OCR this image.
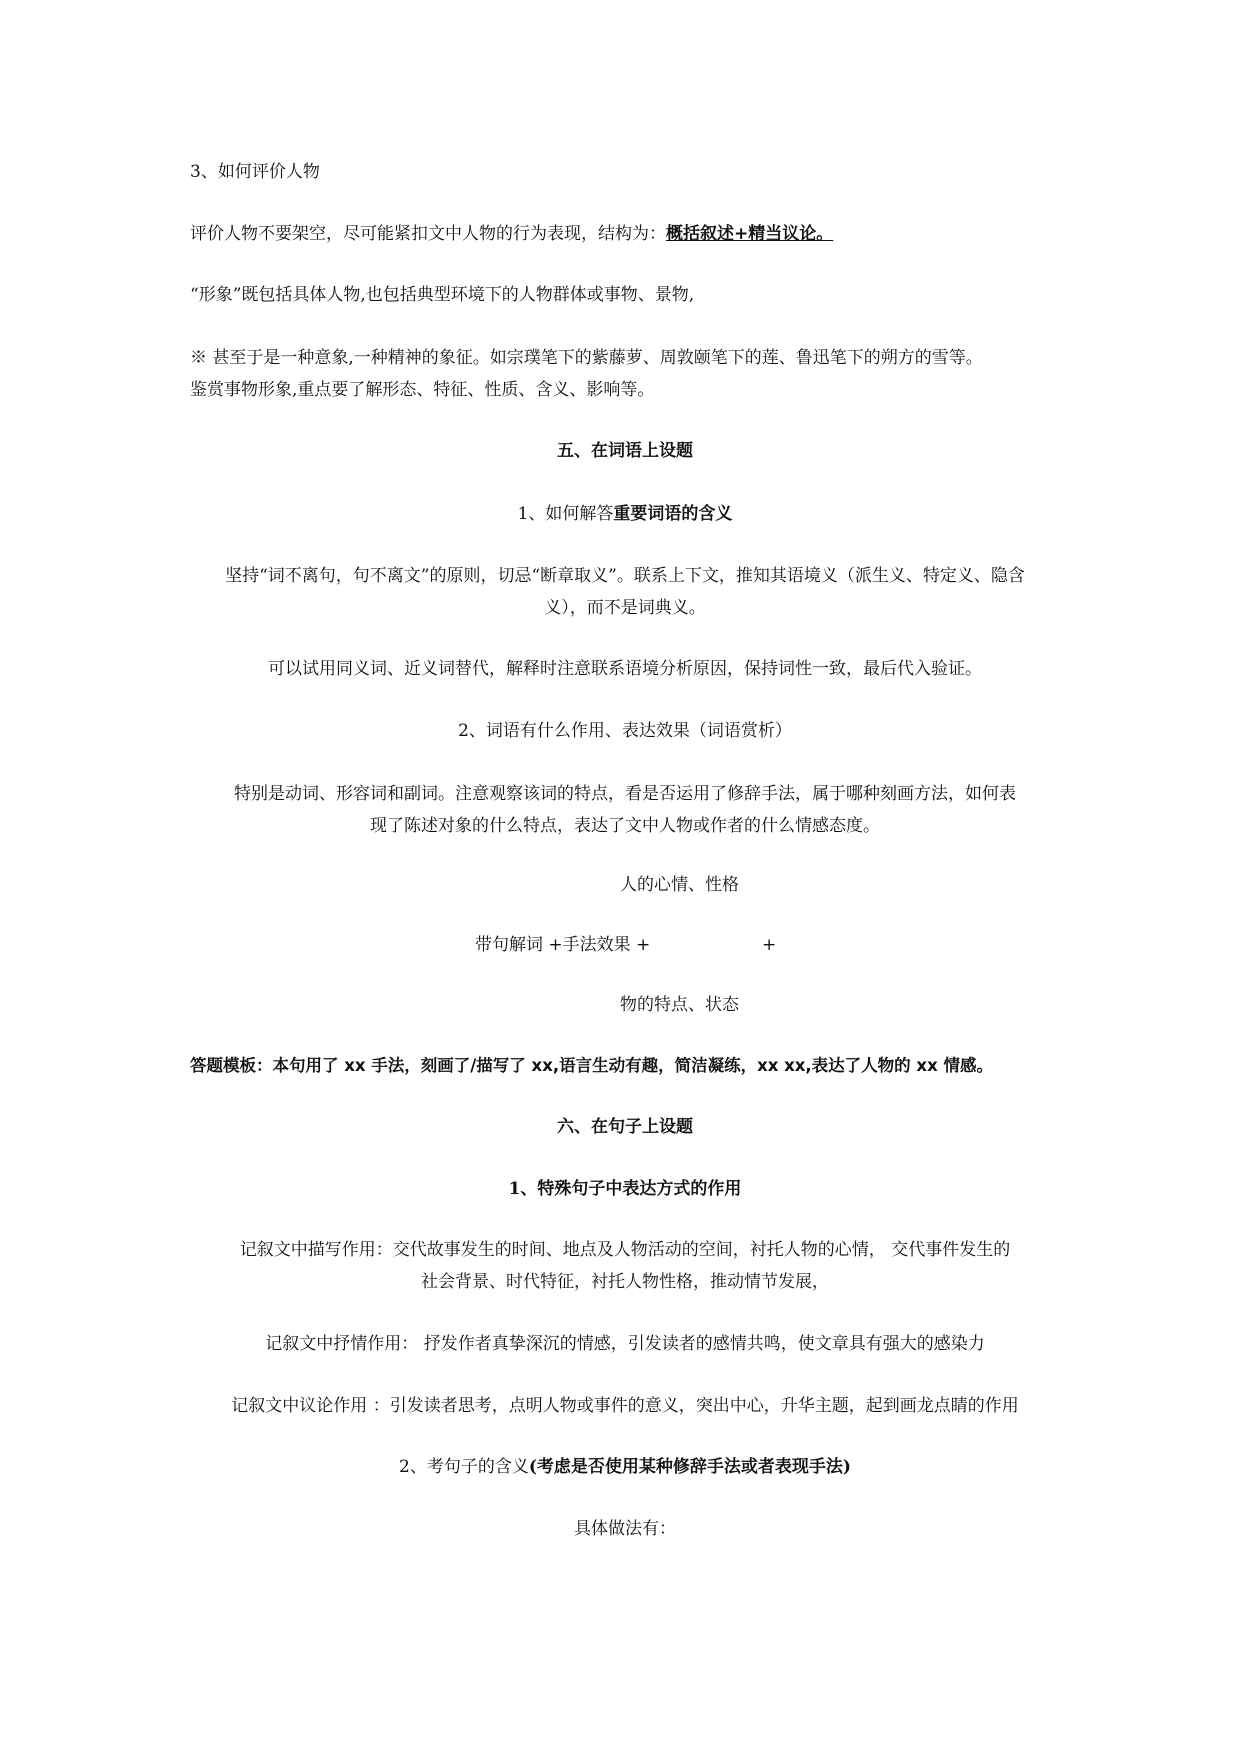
3、如何评价人物
评价人物不要架空，尽可能紧扣文中人物的行为表现，结构为：概括叙述+精当议论。
“形象”既包括具体人物,也包括典型环境下的人物群体或事物、景物,
※ 甚至于是一种意象,一种精神的象征。如宗璞笔下的紫藤萝、周敦颐笔下的莲、鲁迅笔下的朔方的雪等。
鉴赏事物形象,重点要了解形态、特征、性质、含义、影响等。
五、在词语上设题
1、如何解答重要词语的含义
坚持“词不离句，句不离文”的原则，切忌“断章取义”。联系上下文，推知其语境义（派生义、特定义、隐含
义），而不是词典义。
可以试用同义词、近义词替代，解释时注意联系语境分析原因，保持词性一致，最后代入验证。
2、词语有什么作用、表达效果（词语赏析）
特别是动词、形容词和副词。注意观察该词的特点，看是否运用了修辞手法，属于哪种刻画方法，如何表
现了陈述对象的什么特点，表达了文中人物或作者的什么情感态度。
人的心情、性格
带句解词 +手法效果 +	+
物的特点、状态
答题模板：本句用了 xx 手法，刻画了/描写了 xx,语言生动有趣，简洁凝练，xx xx,表达了人物的 xx 情感。
六、在句子上设题
1、特殊句子中表达方式的作用
记叙文中描写作用：交代故事发生的时间、地点及人物活动的空间，衬托人物的心情， 交代事件发生的
社会背景、时代特征，衬托人物性格，推动情节发展，
记叙文中抒情作用： 抒发作者真挚深沉的情感，引发读者的感情共鸣，使文章具有强大的感染力
记叙文中议论作用 ：引发读者思考，点明人物或事件的意义，突出中心，升华主题，起到画龙点睛的作用
2、考句子的含义(考虑是否使用某种修辞手法或者表现手法)
具体做法有：
